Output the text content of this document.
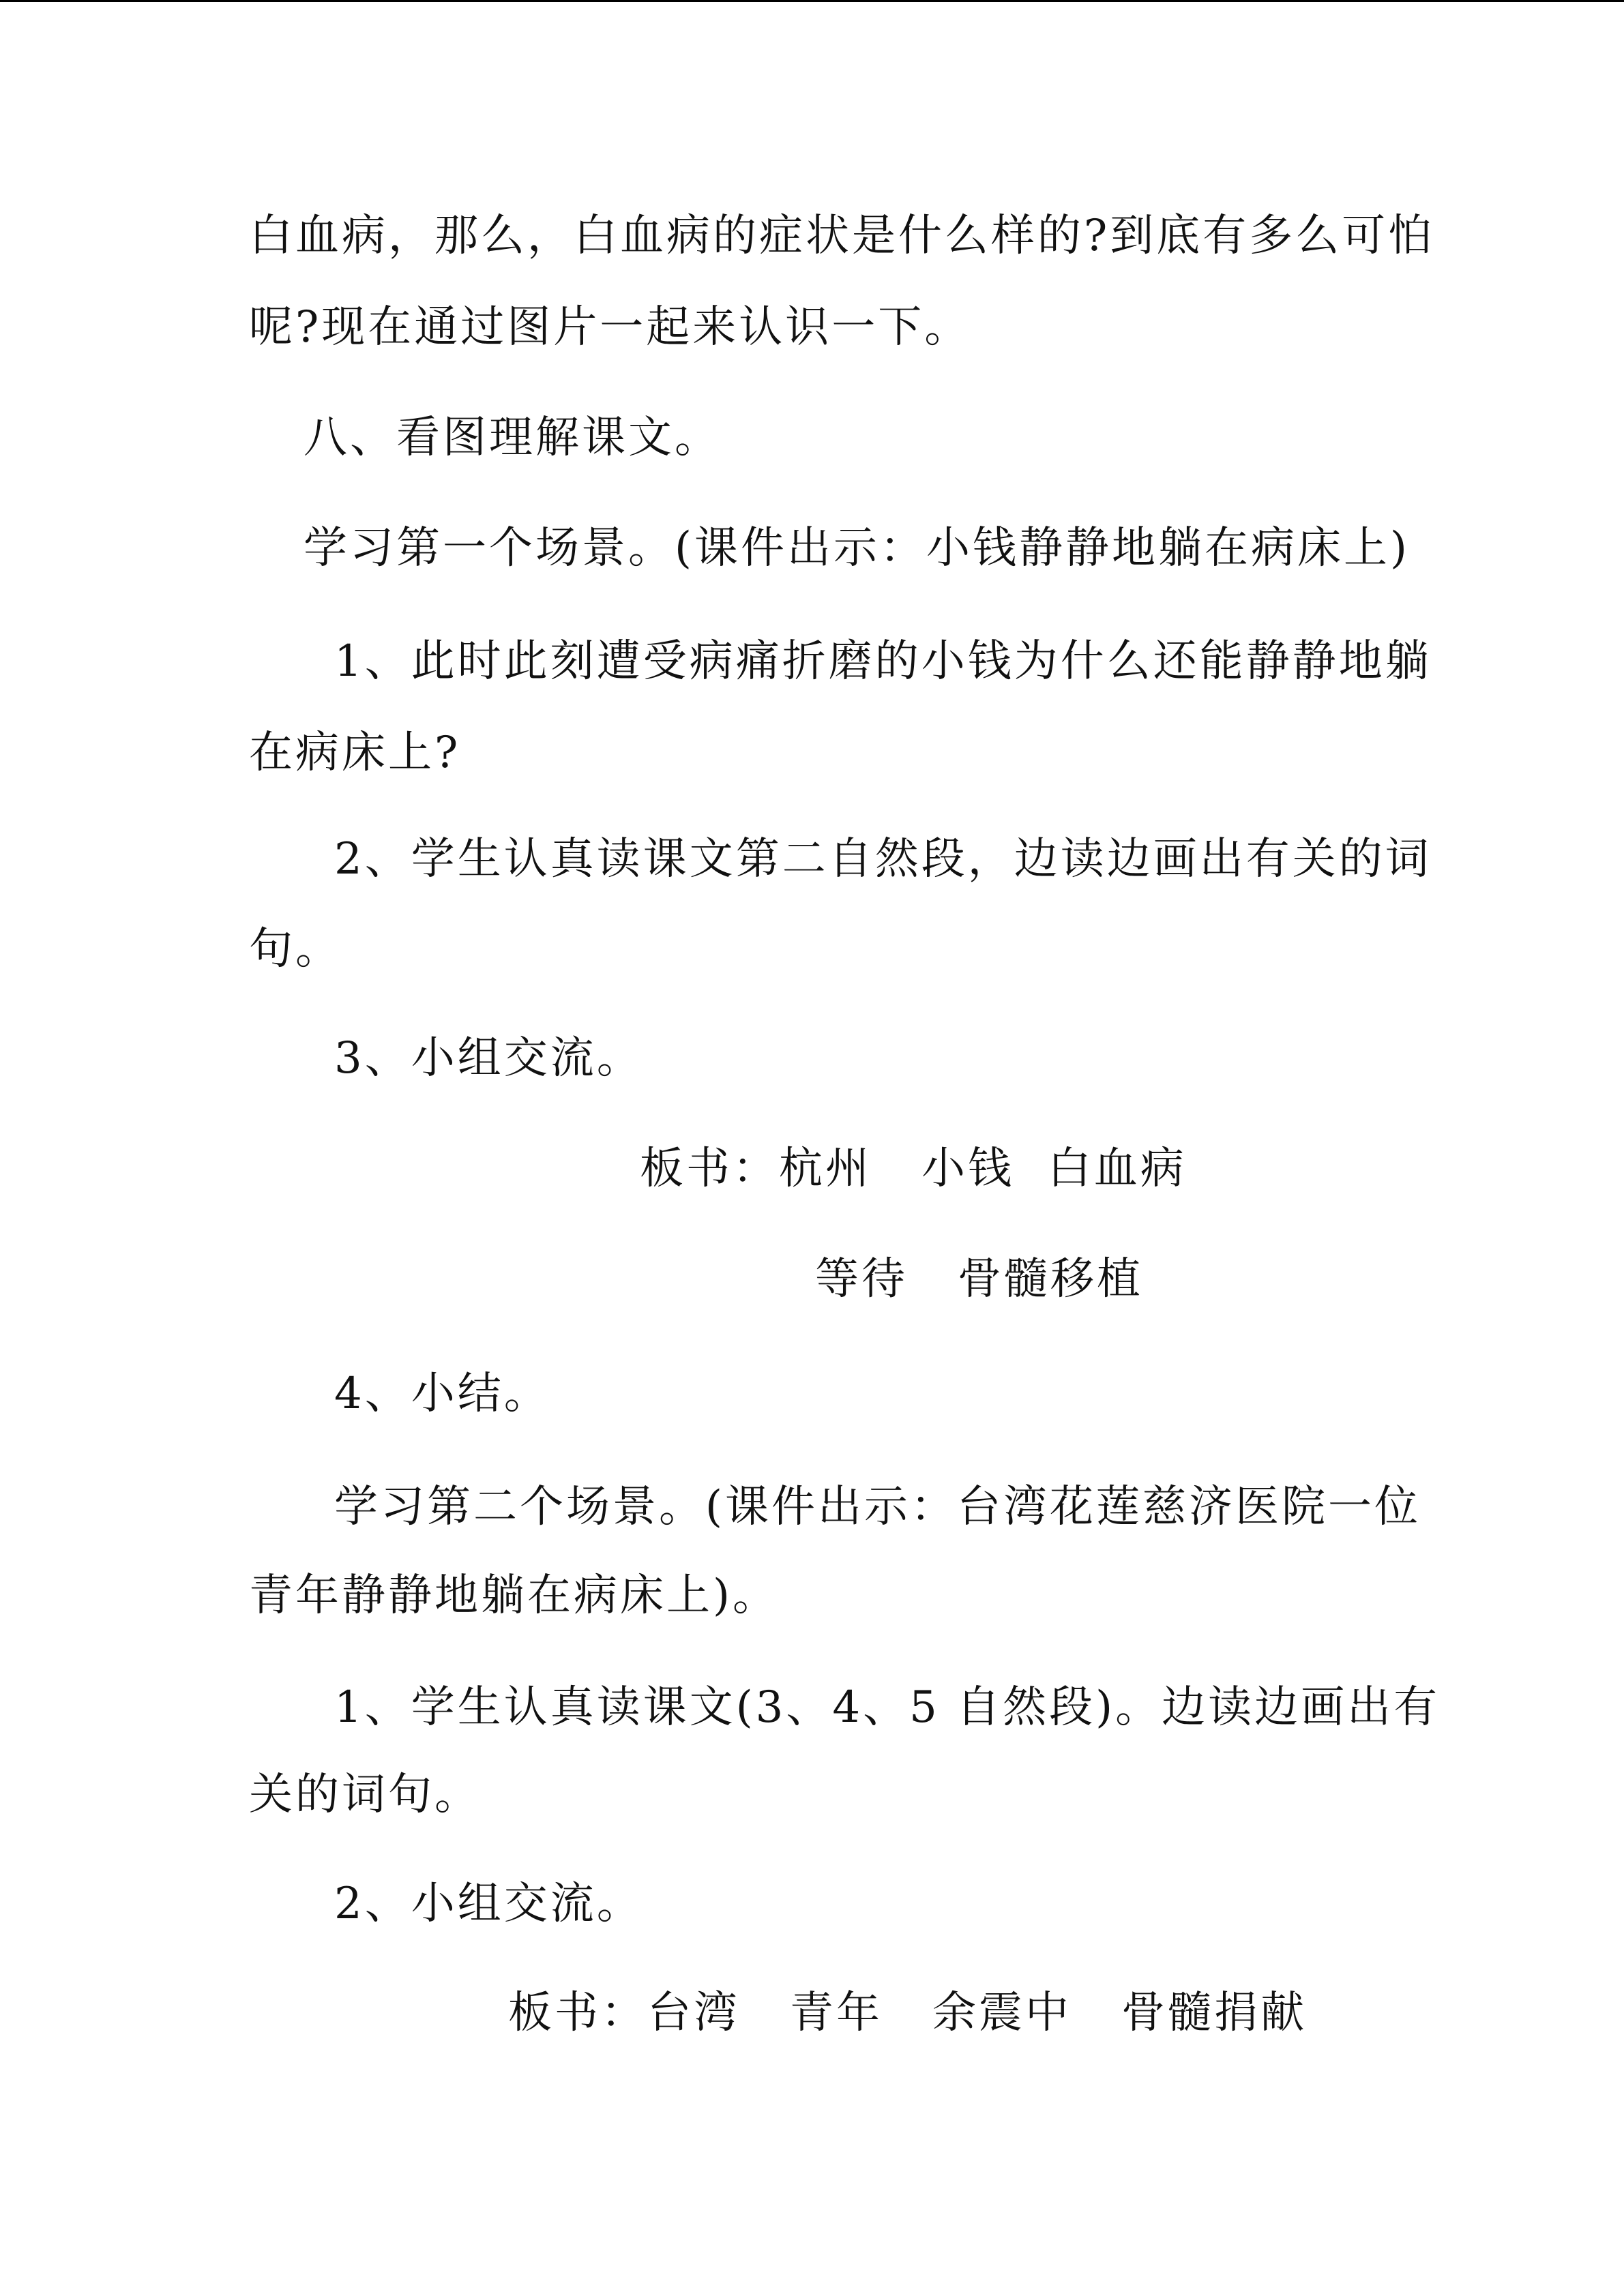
白血病，那么，白血病的症状是什么样的?到底有多么可怕
呢?现在通过图片一起来认识一下。
八、看图理解课文。
学习第一个场景。(课件出示：小钱静静地躺在病床上)
1、此时此刻遭受病痛折磨的小钱为什么还能静静地躺
在病床上?
2、学生认真读课文第二自然段，边读边画出有关的词
句。
3、小组交流。
板书：杭州   小钱  白血病
等待   骨髓移植
4、小结。
学习第二个场景。(课件出示：台湾花莲慈济医院一位
青年静静地躺在病床上)。
1、学生认真读课文(3、4、5 自然段)。边读边画出有
关的词句。
2、小组交流。
板书：台湾   青年   余震中   骨髓捐献
